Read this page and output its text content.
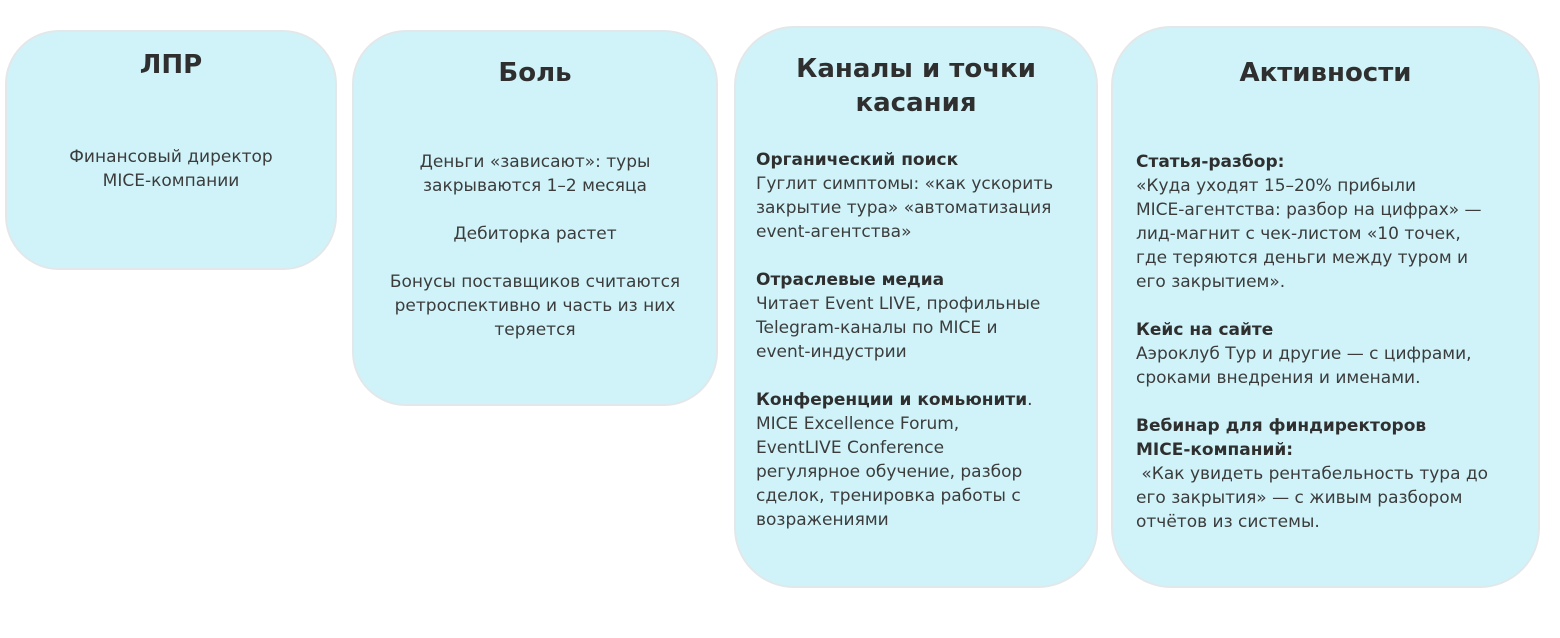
ЛПР
Финансовый директор
MICE-компании
Боль
Деньги «зависают»: туры
закрываются 1–2 месяца
Дебиторка растет
Бонусы поставщиков считаются
ретроспективно и часть из них
теряется
Каналы и точки
касания
Органический поиск
Гуглит симптомы: «как ускорить
закрытие тура» «автоматизация
event-агентства»
Отраслевые медиа
Читает Event LIVE, профильные
Telegram-каналы по MICE и
event-индустрии
Конференции и комьюнити.
MICE Excellence Forum,
EventLIVE Conference
регулярное обучение, разбор
сделок, тренировка работы с
возражениями
Активности
Статья-разбор:
«Куда уходят 15–20% прибыли
MICE-агентства: разбор на цифрах» —
лид-магнит с чек-листом «10 точек,
где теряются деньги между туром и
его закрытием».
Кейс на сайте
Аэроклуб Тур и другие — с цифрами,
сроками внедрения и именами.
Вебинар для финдиректоров
MICE-компаний:
«Как увидеть рентабельность тура до
его закрытия» — с живым разбором
отчётов из системы.
